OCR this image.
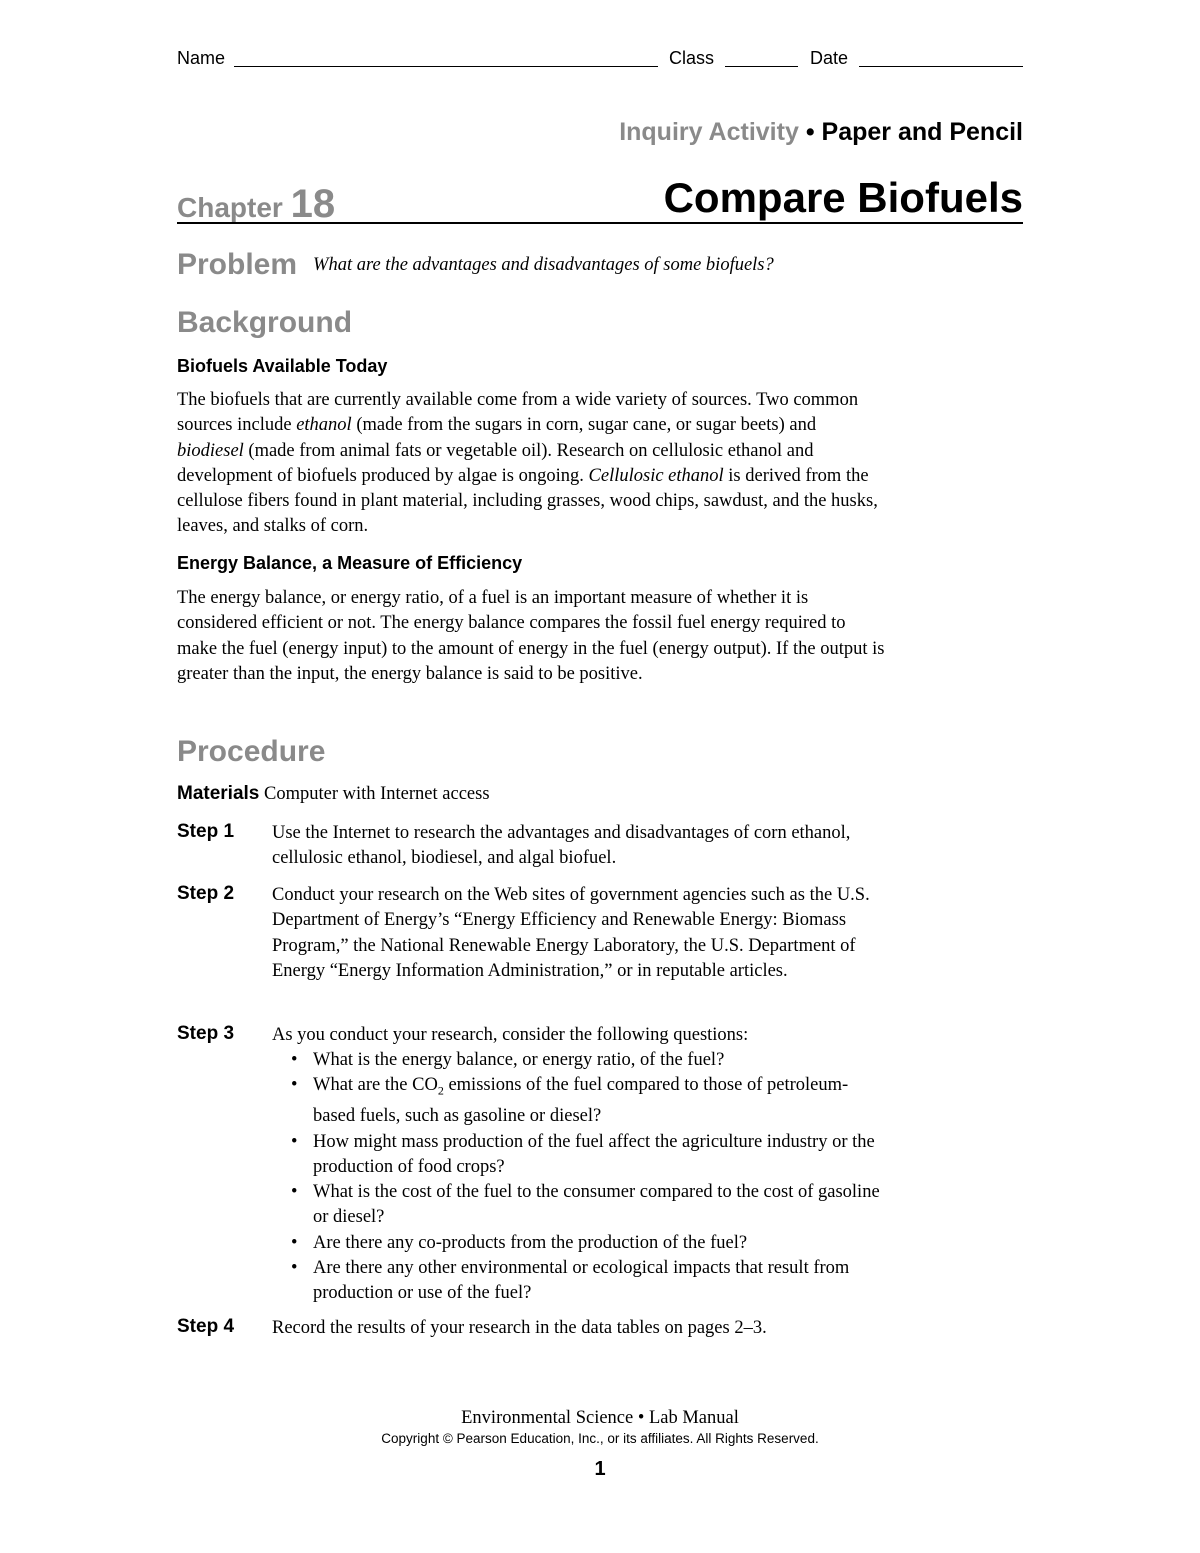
Name	Class	Date
Inquiry Activity • Paper and Pencil
Chapter 18	Compare Biofuels
Problem What are the advantages and disadvantages of some biofuels?
Background
Biofuels Available Today

The biofuels that are currently available come from a wide variety of sources. Two common sources include ethanol (made from the sugars in corn, sugar cane, or sugar beets) and biodiesel (made from animal fats or vegetable oil). Research on cellulosic ethanol and development of biofuels produced by algae is ongoing. Cellulosic ethanol is derived from the cellulose fibers found in plant material, including grasses, wood chips, sawdust, and the husks, leaves, and stalks of corn.

Energy Balance, a Measure of Efficiency

The energy balance, or energy ratio, of a fuel is an important measure of whether it is considered efficient or not. The energy balance compares the fossil fuel energy required to make the fuel (energy input) to the amount of energy in the fuel (energy output). If the output is greater than the input, the energy balance is said to be positive.

Procedure
Materials Computer with Internet access
Step 1 Use the Internet to research the advantages and disadvantages of corn ethanol, cellulosic ethanol, biodiesel, and algal biofuel.

Step 2 Conduct your research on the Web sites of government agencies such as the U.S. Department of Energy’s “Energy Efficiency and Renewable Energy: Biomass Program,” the National Renewable Energy Laboratory, the U.S. Department of Energy “Energy Information Administration,” or in reputable articles.

Step 3 As you conduct your research, consider the following questions:

• What is the energy balance, or energy ratio, of the fuel?
• What are the $CO_2$ emissions of the fuel compared to those of petroleum-based fuels, such as gasoline or diesel?
• How might mass production of the fuel affect the agriculture industry or the production of food crops?
• What is the cost of the fuel to the consumer compared to the cost of gasoline or diesel?
• Are there any co-products from the production of the fuel?
• Are there any other environmental or ecological impacts that result from production or use of the fuel?
Step 4 Record the results of your research in the data tables on pages 2–3.

Environmental Science • Lab Manual
Copyright © Pearson Education, Inc., or its affiliates. All Rights Reserved.
1
